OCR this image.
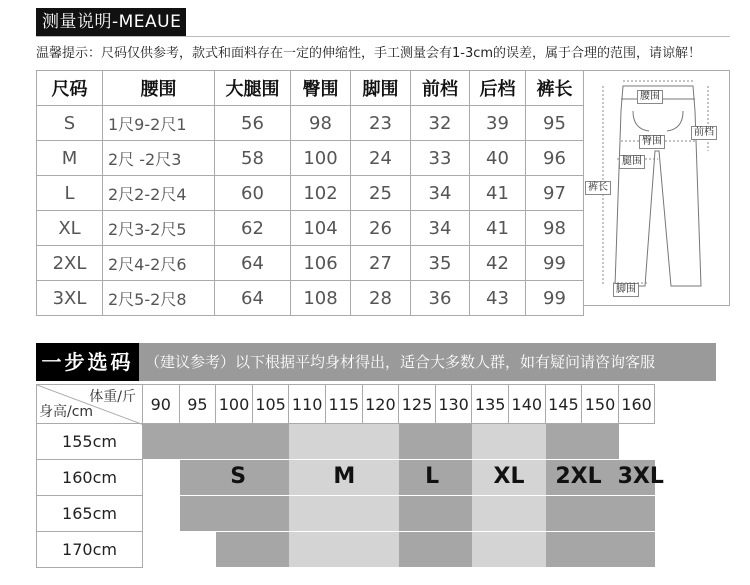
测量说明-MEAUE
温馨提示：尺码仅供参考，款式和面料存在一定的伸缩性，手工测量会有1-3cm的误差，属于合理的范围，请谅解！
尺码	腰围	大腿围	臀围	脚围	前档	后档	裤长
S	1尺9-2尺1	56	98	23	32	39	95
M	2尺 -2尺3	58	100	24	33	40	96
L	2尺2-2尺4	60	102	25	34	41	97
XL	2尺3-2尺5	62	104	26	34	41	98
2XL	2尺4-2尺6	64	106	27	35	42	99
3XL	2尺5-2尺8	64	108	28	36	43	99
腰围
臀围
前档
腿围
裤长
脚围
一步选码 （建议参考）以下根据平均身材得出，适合大多数人群，如有疑问请咨询客服
体重/斤
身高/cm	90	95 100 105 110 115 120 125 130 135 140 145 150 160
155cm
160cm
165cm
170cm
S	M	L	XL	2XL 3XL
